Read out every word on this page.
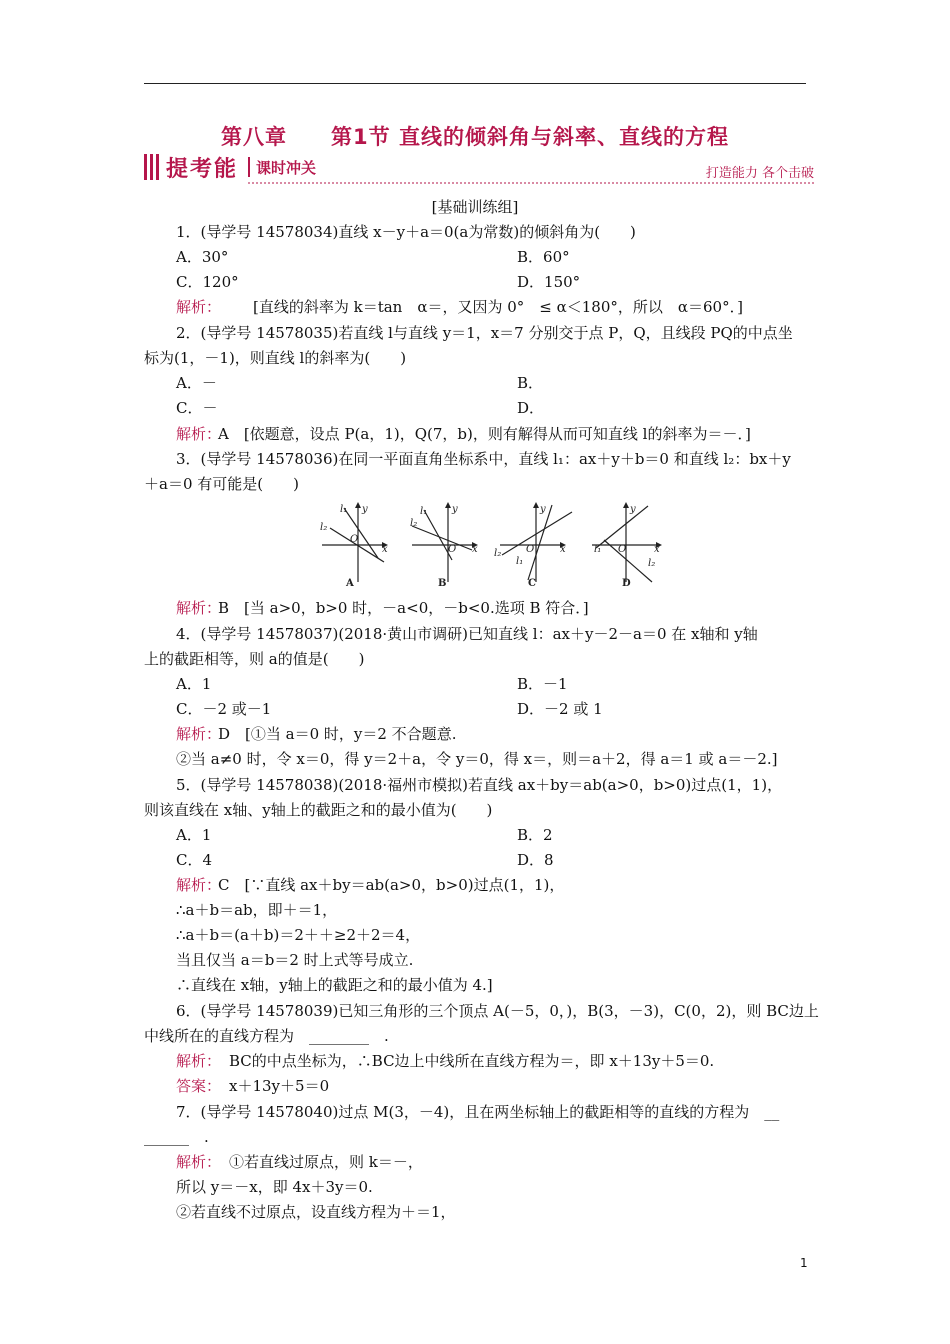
第八章　　第1节 直线的倾斜角与斜率、直线的方程
提考能 课时冲关	打造能力 各个击破
[基础训练组]
1．(导学号 14578034)直线 x－y＋a＝0(a为常数)的倾斜角为(　　)
A．30°	B．60°
C．120°	D．150°
[直线的斜率为 k＝tan　α＝，又因为 0°　≤ α＜180°，所以　α＝60°．]
2．(导学号 14578035)若直线 l与直线 y＝1，x＝7 分别交于点 P，Q，且线段 PQ的中点坐
标为(1，－1)，则直线 l的斜率为(　　)
A．－	B．
C．－	D．
A　[依题意，设点 P(a，1)，Q(7，b)，则有解得从而可知直线 l的斜率为＝－．]
3．(导学号 14578036)在同一平面直角坐标系中，直线 l₁：ax＋y＋b＝0 和直线 l₂：bx＋y
＋a＝0 有可能是(　　)
B　[当 a>0，b>0 时，－a<0，－b<0.选项 B 符合．]
4．(导学号 14578037)(2018·黄山市调研)已知直线 l：ax＋y－2－a＝0 在 x轴和 y轴
上的截距相等，则 a的值是(　　)
A．1	B．－1
C．－2 或－1	D．－2 或 1
D　[①当 a＝0 时，y＝2 不合题意.
②当 a≠0 时，令 x＝0，得 y＝2＋a，令 y＝0，得 x＝，则＝a＋2，得 a＝1 或 a＝－2.]
5．(导学号 14578038)(2018·福州市模拟)若直线 ax＋by＝ab(a>0，b>0)过点(1，1)，
则该直线在 x轴、y轴上的截距之和的最小值为(　　)
A．1	B．2
C．4	D．8
C　[∵直线 ax＋by＝ab(a>0，b>0)过点(1，1)，
∴a＋b＝ab，即＋＝1，
∴a＋b＝(a＋b)＝2＋＋≥2＋2＝4，
当且仅当 a＝b＝2 时上式等号成立.
∴直线在 x轴，y轴上的截距之和的最小值为 4.]
6．(导学号 14578039)已知三角形的三个顶点 A(－5，0，)，B(3，－3)，C(0，2)，则 BC边上
中线所在的直线方程为　________　.
BC的中点坐标为，∴BC边上中线所在直线方程为＝，即 x＋13y＋5＝0.
x＋13y＋5＝0
7．(导学号 14578040)过点 M(3，－4)，且在两坐标轴上的截距相等的直线的方程为　__
______　.
①若直线过原点，则 k＝－，
所以 y＝－x，即 4x＋3y＝0.
②若直线不过原点，设直线方程为＋＝1，
解析：
解析：
解析：
解析：
解析：
解析：
答案：
解析：
y
x
O
l₁
l₂
y
x
O
l₁
l₂
y
x
O
l₁
l₂
y
x
O
l₁
l₂
A	B	C	D
1
